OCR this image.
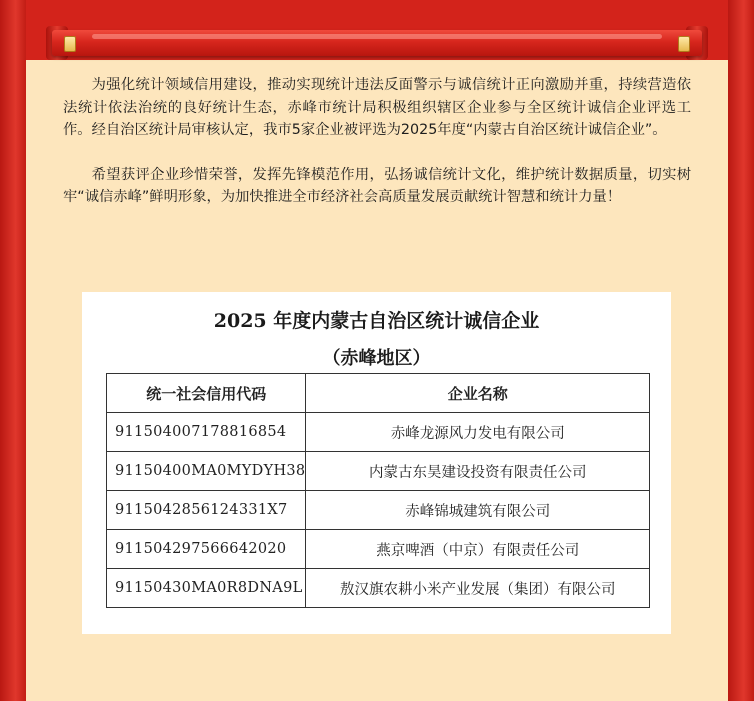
为强化统计领域信用建设，推动实现统计违法反面警示与诚信统计正向激励并重，持续营造依法统计依法治统的良好统计生态，赤峰市统计局积极组织辖区企业参与全区统计诚信企业评选工作。经自治区统计局审核认定，我市5家企业被评选为2025年度“内蒙古自治区统计诚信企业”。

希望获评企业珍惜荣誉，发挥先锋模范作用，弘扬诚信统计文化，维护统计数据质量，切实树牢“诚信赤峰”鲜明形象，为加快推进全市经济社会高质量发展贡献统计智慧和统计力量！

2025 年度内蒙古自治区统计诚信企业
（赤峰地区）
统一社会信用代码	企业名称
911504007178816854	赤峰龙源风力发电有限公司
91150400MA0MYDYH38	内蒙古东昊建设投资有限责任公司
9115042856124331X7	赤峰锦城建筑有限公司
911504297566642020	燕京啤酒（中京）有限责任公司
91150430MA0R8DNA9L	敖汉旗农耕小米产业发展（集团）有限公司
